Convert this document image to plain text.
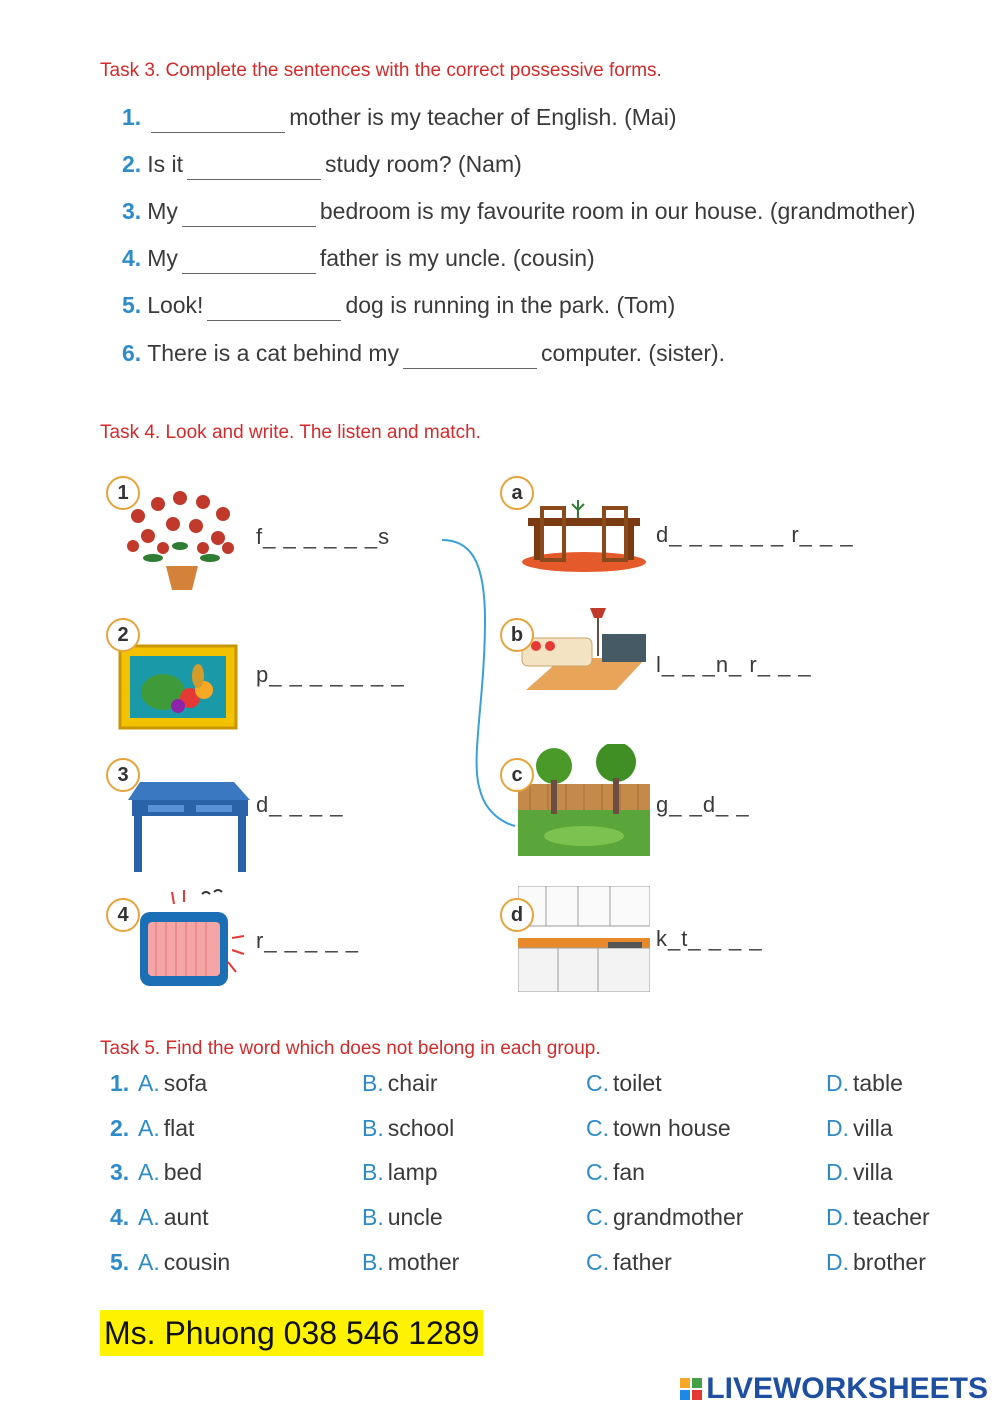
Task 3. Complete the sentences with the correct possessive forms.
1.	mother is my teacher of English. (Mai)
2. Is it	study room? (Nam)
3. My	bedroom is my favourite room in our house. (grandmother)
4. My	father is my uncle. (cousin)
5. Look!	dog is running in the park. (Tom)
6. There is a cat behind my	computer. (sister).
Task 4. Look and write. The listen and match.
1
f_ _ _ _ _ _s
2
p_ _ _ _ _ _ _
3
d_ _ _ _
4
r_ _ _ _ _
a
d_ _ _ _ _ _ r_ _ _
b
l_ _ _n_ r_ _ _
c
g_ _d_ _
d
k_t_ _ _ _
Task 5. Find the word which does not belong in each group.
1. A. sofa	B. chair	C. toilet	D. table
2. A. flat	B. school	C. town house	D. villa
3. A. bed	B. lamp	C. fan	D. villa
4. A. aunt	B. uncle	C. grandmother	D. teacher
5. A. cousin	B. mother	C. father	D. brother
Ms. Phuong 038 546 1289
LIVEWORKSHEETS
